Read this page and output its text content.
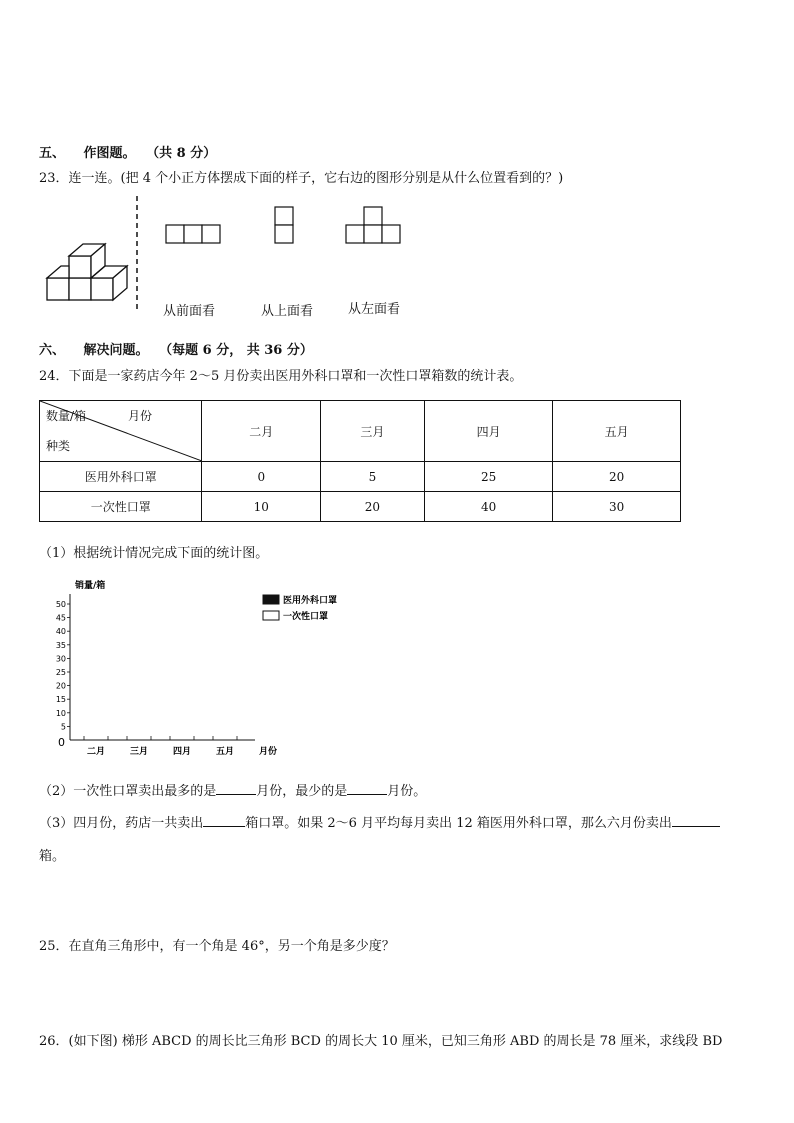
五、 作图题。 （共 8 分）
23．连一连。(把 4 个小正方体摆成下面的样子，它右边的图形分别是从什么位置看到的？)
从前面看	从上面看	从左面看
六、 解决问题。 （每题 6 分， 共 36 分）
24．下面是一家药店今年 2～5 月份卖出医用外科口罩和一次性口罩箱数的统计表。
数量/箱 月份
种类	二月	三月	四月	五月
医用外科口罩	0	5	25	20
一次性口罩	10	20	40	30
（1）根据统计情况完成下面的统计图。
销量/箱
月份
医用外科口罩
一次性口罩
0
5
10
15
20
25
30
35
40
45
50
二月	三月	四月	五月
（2）一次性口罩卖出最多的是	月份，最少的是	月份。
（3）四月份，药店一共卖出	箱口罩。如果 2～6 月平均每月卖出 12 箱医用外科口罩，那么六月份卖出
箱。
25．在直角三角形中，有一个角是 46°，另一个角是多少度？
26．(如下图) 梯形 ABCD 的周长比三角形 BCD 的周长大 10 厘米，已知三角形 ABD 的周长是 78 厘米，求线段 BD
